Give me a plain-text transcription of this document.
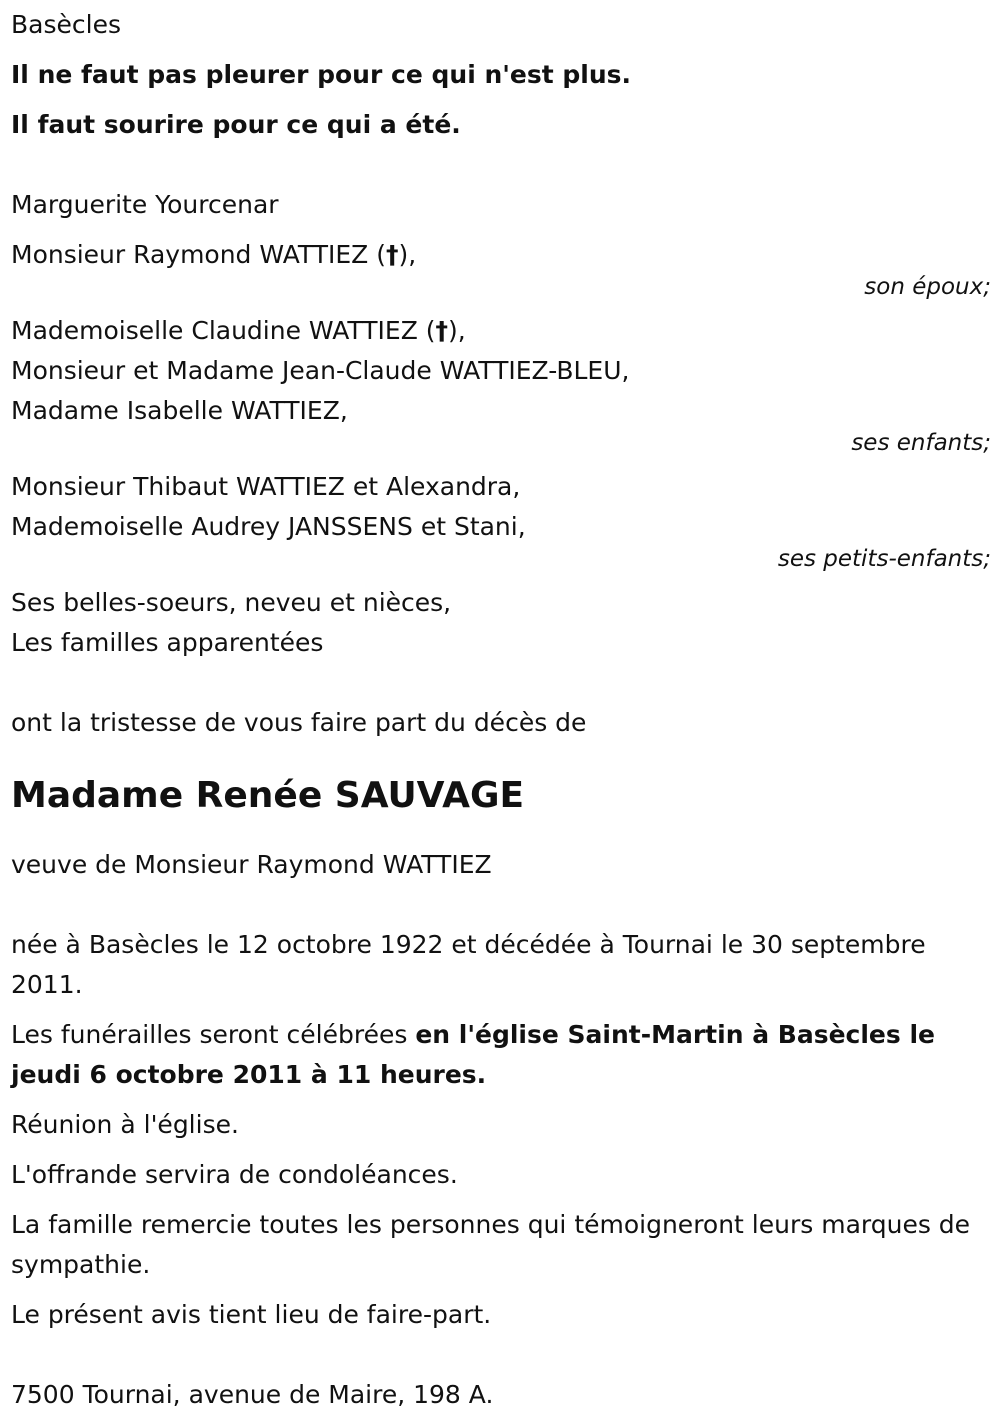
Basècles
Il ne faut pas pleurer pour ce qui n'est plus.
Il faut sourire pour ce qui a été.
Marguerite Yourcenar
Monsieur Raymond WATTIEZ (†),
son époux;
Mademoiselle Claudine WATTIEZ (†),
Monsieur et Madame Jean-Claude WATTIEZ-BLEU,
Madame Isabelle WATTIEZ,
ses enfants;
Monsieur Thibaut WATTIEZ et Alexandra,
Mademoiselle Audrey JANSSENS et Stani,
ses petits-enfants;
Ses belles-soeurs, neveu et nièces,
Les familles apparentées
ont la tristesse de vous faire part du décès de
Madame Renée SAUVAGE
veuve de Monsieur Raymond WATTIEZ
née à Basècles le 12 octobre 1922 et décédée à Tournai le 30 septembre 2011.
Les funérailles seront célébrées en l'église Saint-Martin à Basècles le jeudi 6 octobre 2011 à 11 heures.
Réunion à l'église.
L'offrande servira de condoléances.
La famille remercie toutes les personnes qui témoigneront leurs marques de sympathie.
Le présent avis tient lieu de faire-part.
7500 Tournai, avenue de Maire, 198 A.
